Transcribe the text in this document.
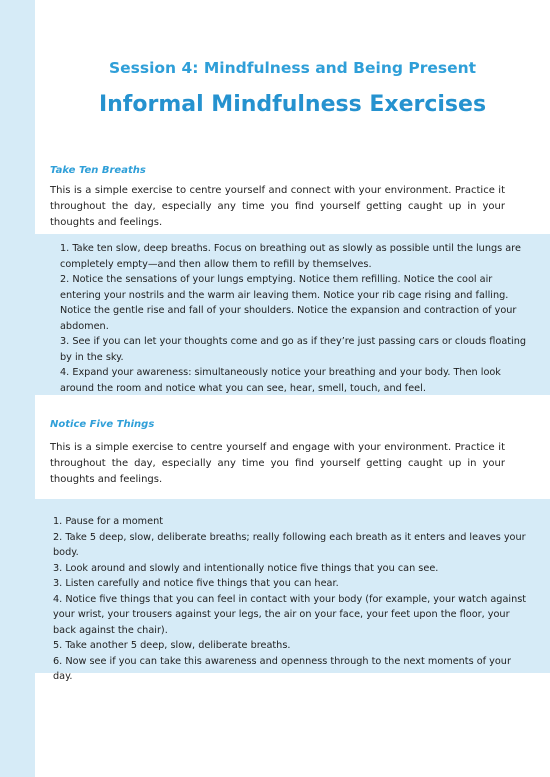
Session 4: Mindfulness and Being Present
Informal Mindfulness Exercises
Take Ten Breaths
This is a simple exercise to centre yourself and connect with your environment. Practice it throughout the day, especially any time you find yourself getting caught up in your thoughts and feelings.
1. Take ten slow, deep breaths. Focus on breathing out as slowly as possible until the lungs are completely empty—and then allow them to refill by themselves.
2. Notice the sensations of your lungs emptying. Notice them refilling. Notice the cool air entering your nostrils and the warm air leaving them. Notice your rib cage rising and falling. Notice the gentle rise and fall of your shoulders. Notice the expansion and contraction of your abdomen.
3. See if you can let your thoughts come and go as if they’re just passing cars or clouds floating by in the sky.
4. Expand your awareness: simultaneously notice your breathing and your body. Then look around the room and notice what you can see, hear, smell, touch, and feel.
Notice Five Things
This is a simple exercise to centre yourself and engage with your environment. Practice it throughout the day, especially any time you find yourself getting caught up in your thoughts and feelings.
1. Pause for a moment
2. Take 5 deep, slow, deliberate breaths; really following each breath as it enters and leaves your body.
3. Look around and slowly and intentionally notice five things that you can see.
3. Listen carefully and notice five things that you can hear.
4. Notice five things that you can feel in contact with your body (for example, your watch against your wrist, your trousers against your legs, the air on your face, your feet upon the floor, your back against the chair).
5. Take another 5 deep, slow, deliberate breaths.
6. Now see if you can take this awareness and openness through to the next moments of your day.
